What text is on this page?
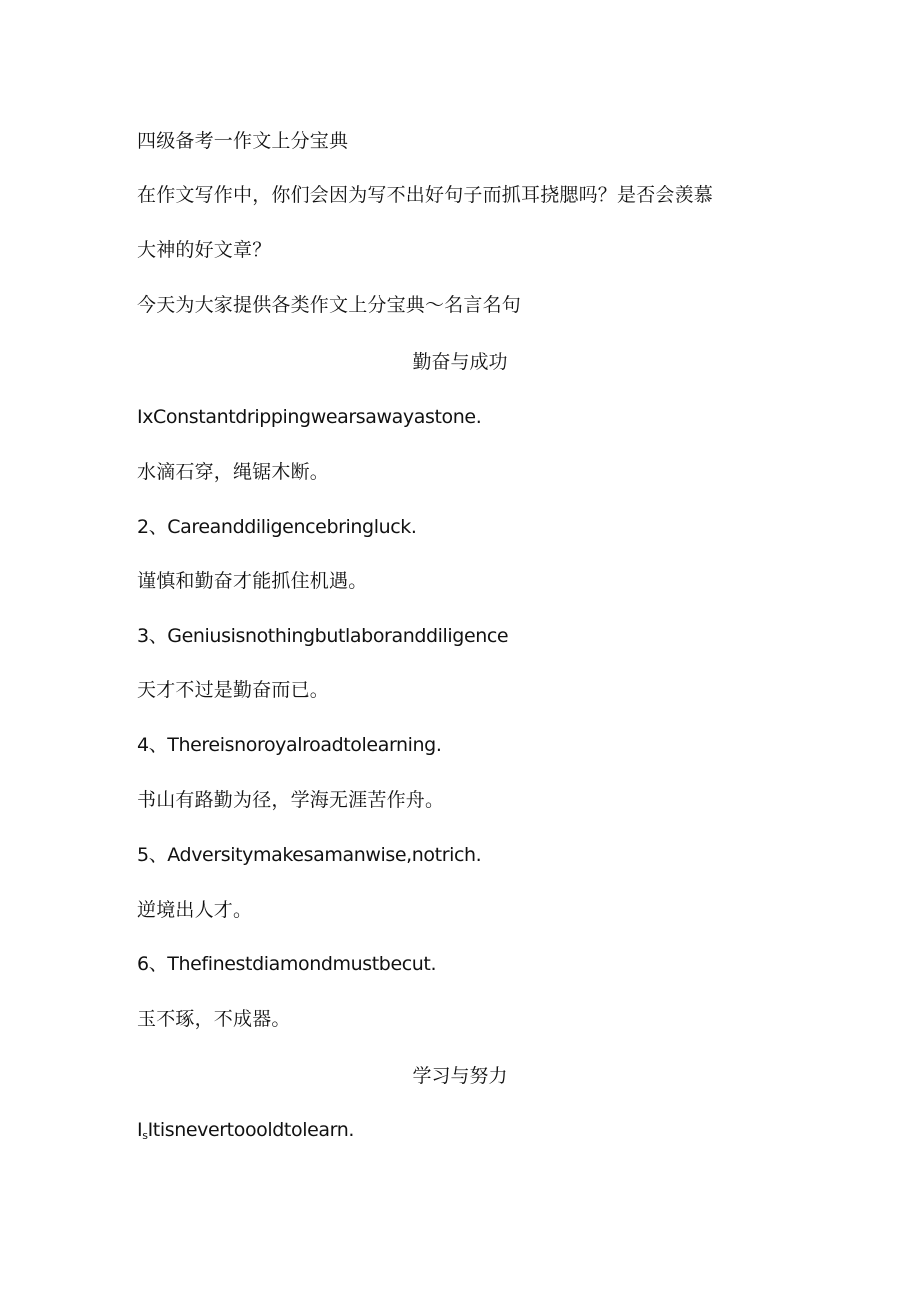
四级备考一作文上分宝典
在作文写作中，你们会因为写不出好句子而抓耳挠腮吗？是否会羡慕
大神的好文章？
今天为大家提供各类作文上分宝典〜名言名句
勤奋与成功
IxConstantdrippingwearsawayastone.
水滴石穿，绳锯木断。
2、Careanddiligencebringluck.
谨慎和勤奋才能抓住机遇。
3、Geniusisnothingbutlaboranddiligence
天才不过是勤奋而已。
4、Thereisnoroyalroadtolearning.
书山有路勤为径，学海无涯苦作舟。
5、Adversitymakesamanwise,notrich.
逆境出人才。
6、Thefinestdiamondmustbecut.
玉不琢，不成器。
学习与努力
$I_sItisnevertoooldtolearn$.
